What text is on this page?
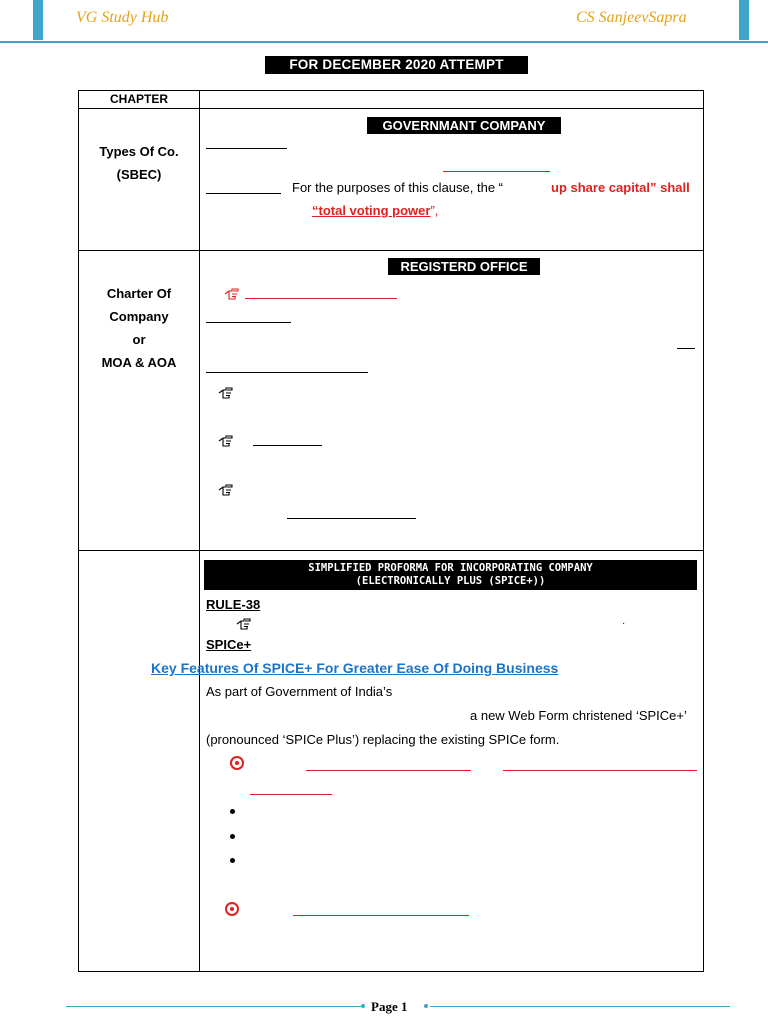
VG Study Hub	CS SanjeevSapra
FOR DECEMBER 2020 ATTEMPT
CHAPTER
Types Of Co.
(SBEC)
GOVERNMANT COMPANY
For the purposes of this clause, the “	up share capital” shall
“total voting power”,
Charter Of
Company
or
MOA & AOA
REGISTERD OFFICE
SIMPLIFIED PROFORMA FOR INCORPORATING COMPANY
(ELECTRONICALLY PLUS (SPICE+))
RULE-38
·
SPICe+
Key Features Of SPICE+ For Greater Ease Of Doing Business
As part of Government of India’s
a new Web Form christened ‘SPICe+’
(pronounced ‘SPICe Plus’) replacing the existing SPICe form.
Page 1
